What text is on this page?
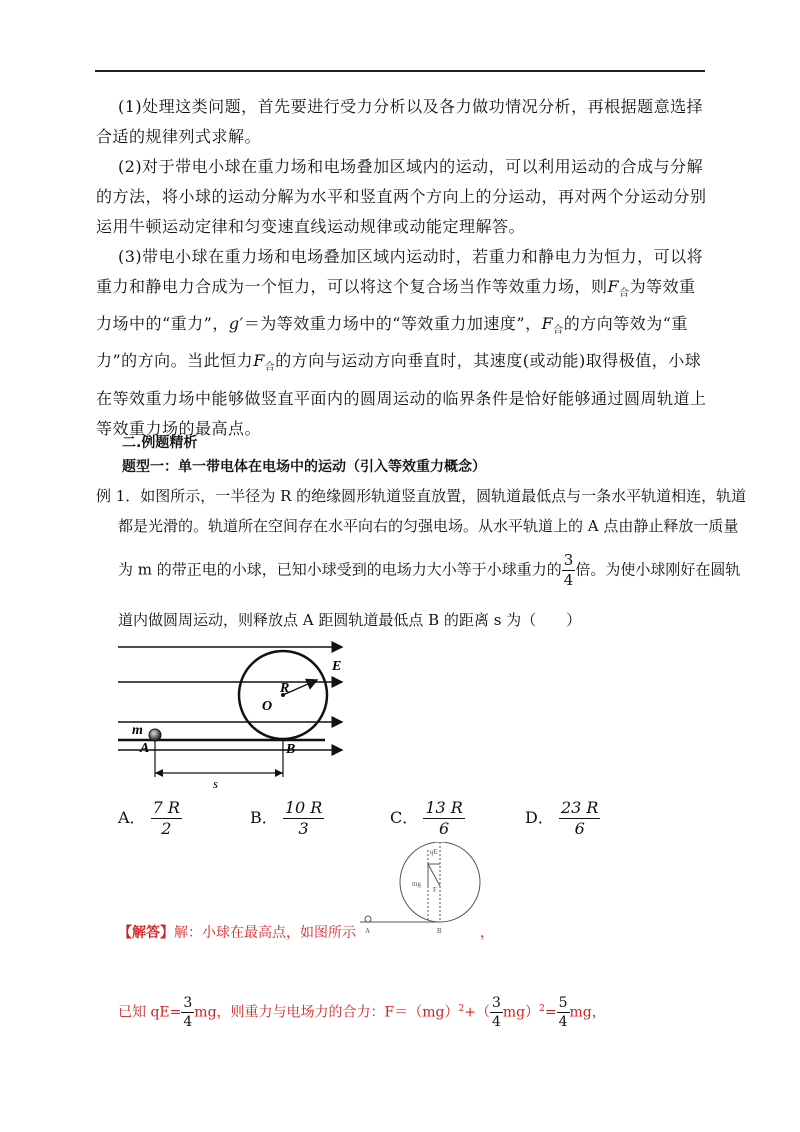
(1)处理这类问题，首先要进行受力分析以及各力做功情况分析，再根据题意选择合适的规律列式求解。
(2)对于带电小球在重力场和电场叠加区域内的运动，可以利用运动的合成与分解的方法，将小球的运动分解为水平和竖直两个方向上的分运动，再对两个分运动分别运用牛顿运动定律和匀变速直线运动规律或动能定理解答。
(3)带电小球在重力场和电场叠加区域内运动时，若重力和静电力为恒力，可以将重力和静电力合成为一个恒力，可以将这个复合场当作等效重力场，则$F_合$为等效重力场中的“重力”，g′＝为等效重力场中的“等效重力加速度”，$F_合$的方向等效为“重力”的方向。当此恒力$F_合$的方向与运动方向垂直时，其速度(或动能)取得极值，小球在等效重力场中能够做竖直平面内的圆周运动的临界条件是恰好能够通过圆周轨道上等效重力场的最高点。
二.例题精析
题型一：单一带电体在电场中的运动（引入等效重力概念）
例 1．如图所示，一半径为 R 的绝缘圆形轨道竖直放置，圆轨道最低点与一条水平轨道相连，轨道
都是光滑的。轨道所在空间存在水平向右的匀强电场。从水平轨道上的 A 点由静止释放一质量
为 m 的带正电的小球，已知小球受到的电场力大小等于小球重力的 $\frac{3}{4}$ 倍。为使小球刚好在圆轨
道内做圆周运动，则释放点 A 距圆轨道最低点 B 的距离 s 为（　　）
E
R
O
m
A	B
s
A． $\frac{7 R}{2}$	B． $\frac{10 R}{3}$	C． $\frac{13 R}{6}$	D． $\frac{23 R}{6}$
qE
mg
F
A	B
【解答】解：小球在最高点，如图所示	，
已知 $qE= \frac{3}{4}$ mg，则重力与电场力的合力：$F=(mg)^2+( \frac{3}{4} mg)^2= \frac{5}{4}$ mg，
